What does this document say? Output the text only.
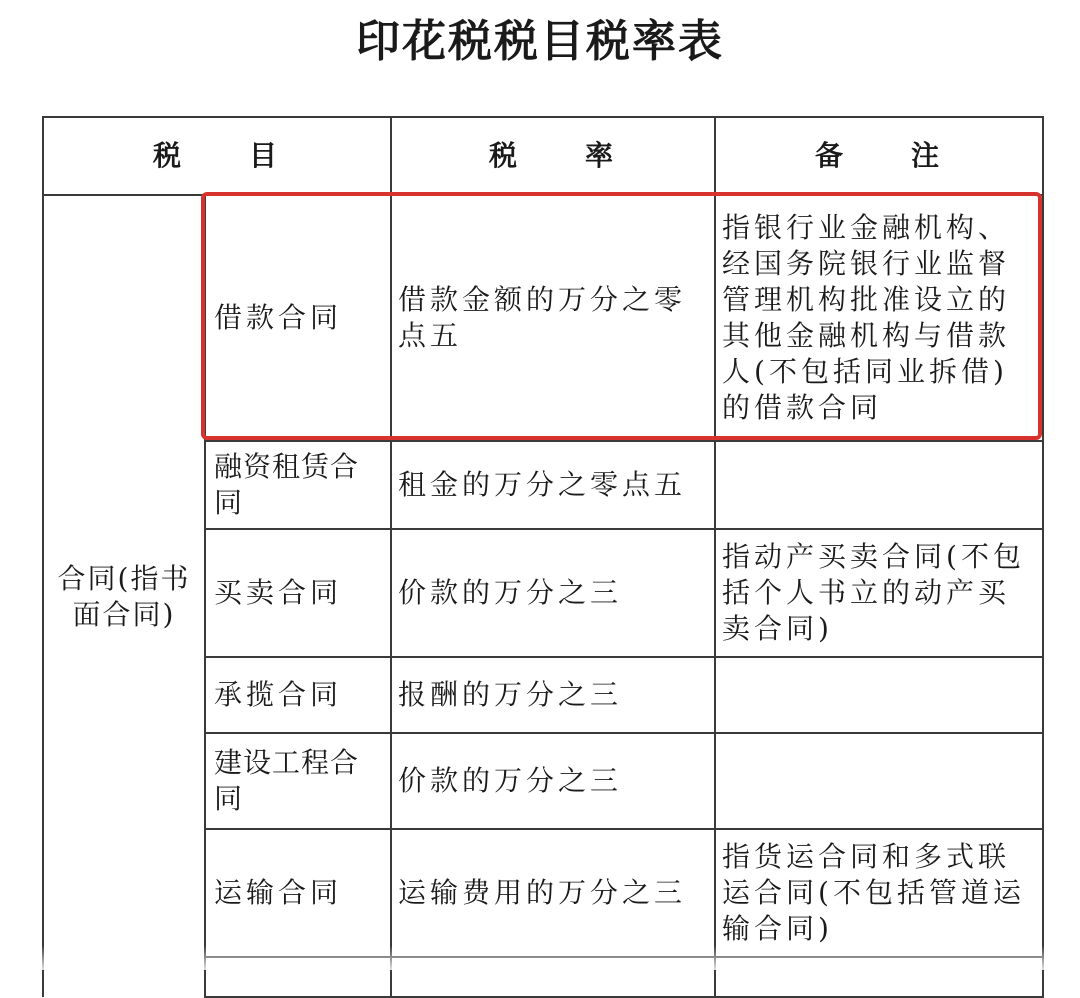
印花税税目税率表
税　　目		税　　率	备　　注
合同(指书面合同)	借款合同	借款金额的万分之零点五	指银行业金融机构、经国务院银行业监督管理机构批准设立的其他金融机构与借款人(不包括同业拆借)的借款合同
	融资租赁合同	租金的万分之零点五	
	买卖合同	价款的万分之三	指动产买卖合同(不包括个人书立的动产买卖合同)
	承揽合同	报酬的万分之三	
	建设工程合同	价款的万分之三	
	运输合同	运输费用的万分之三	指货运合同和多式联运合同(不包括管道运输合同)
